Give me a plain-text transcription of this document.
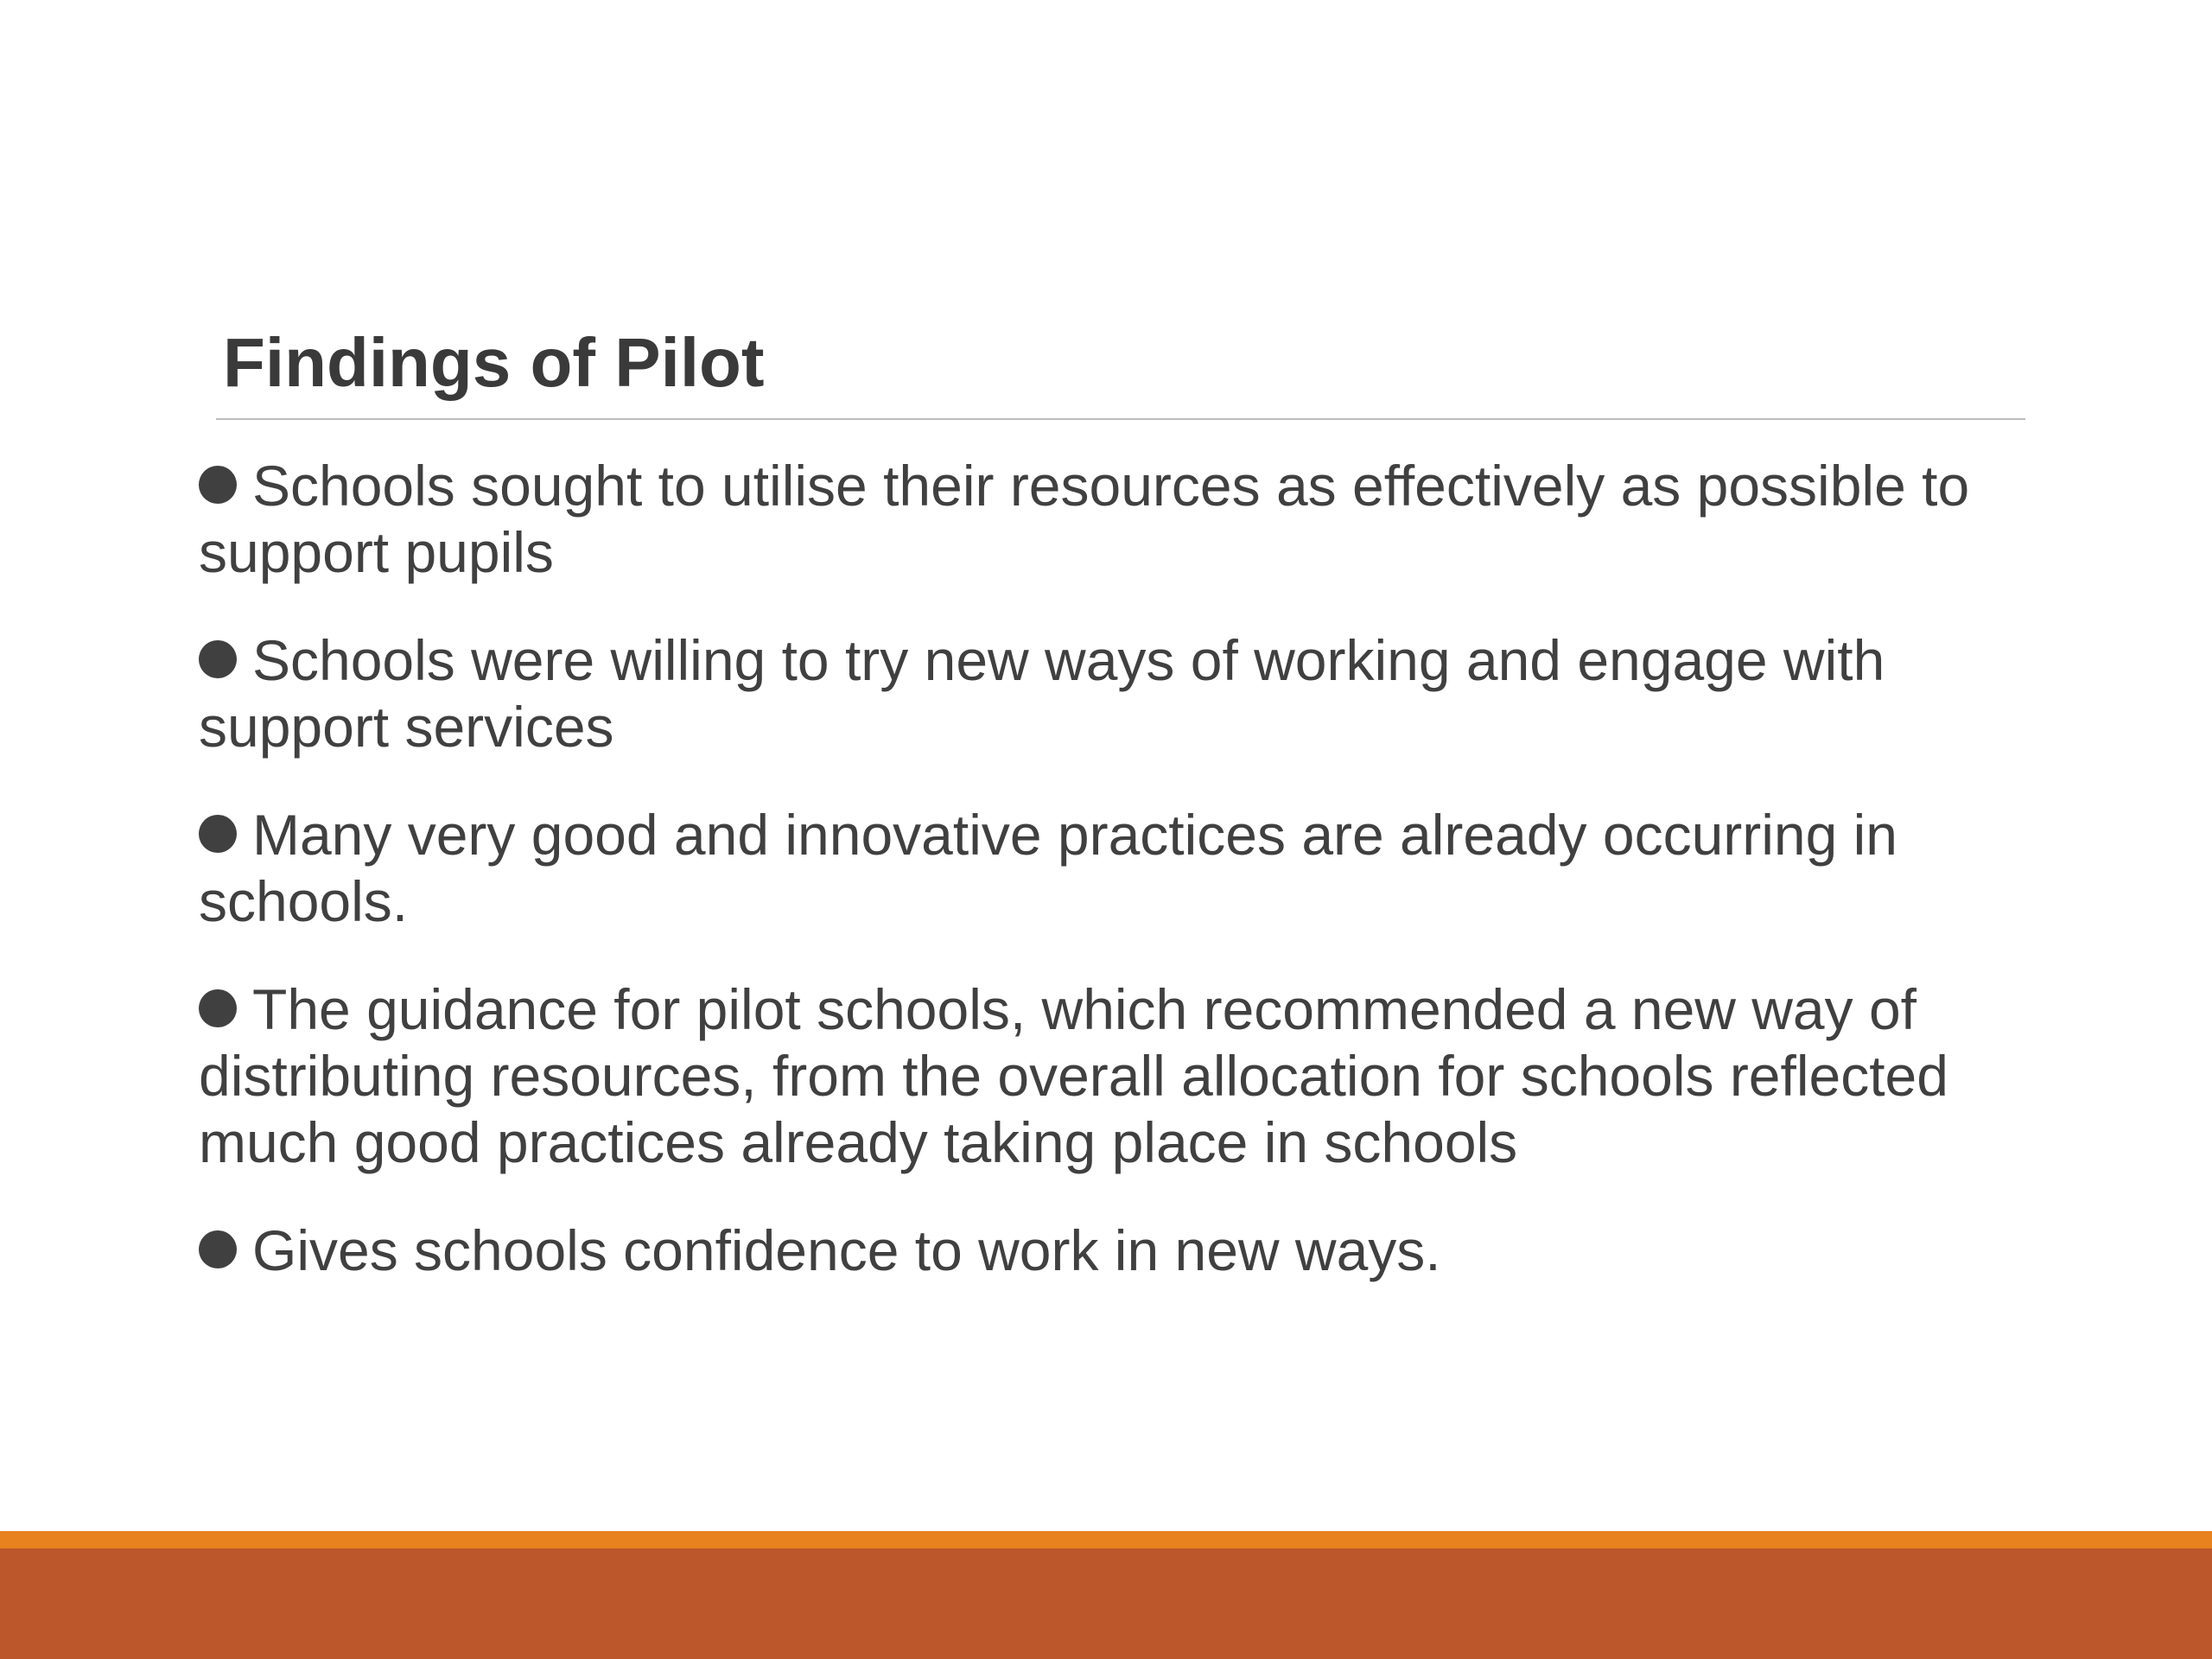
Findings of Pilot
Schools sought to utilise their resources as effectively as possible to support pupils
Schools were willing to try new ways of working and engage with support services
Many very good and innovative practices are already occurring in  schools.
The guidance for pilot schools, which recommended a new way of distributing resources, from the overall allocation for schools reflected much good practices already taking place in schools
Gives schools confidence to work in new ways.
